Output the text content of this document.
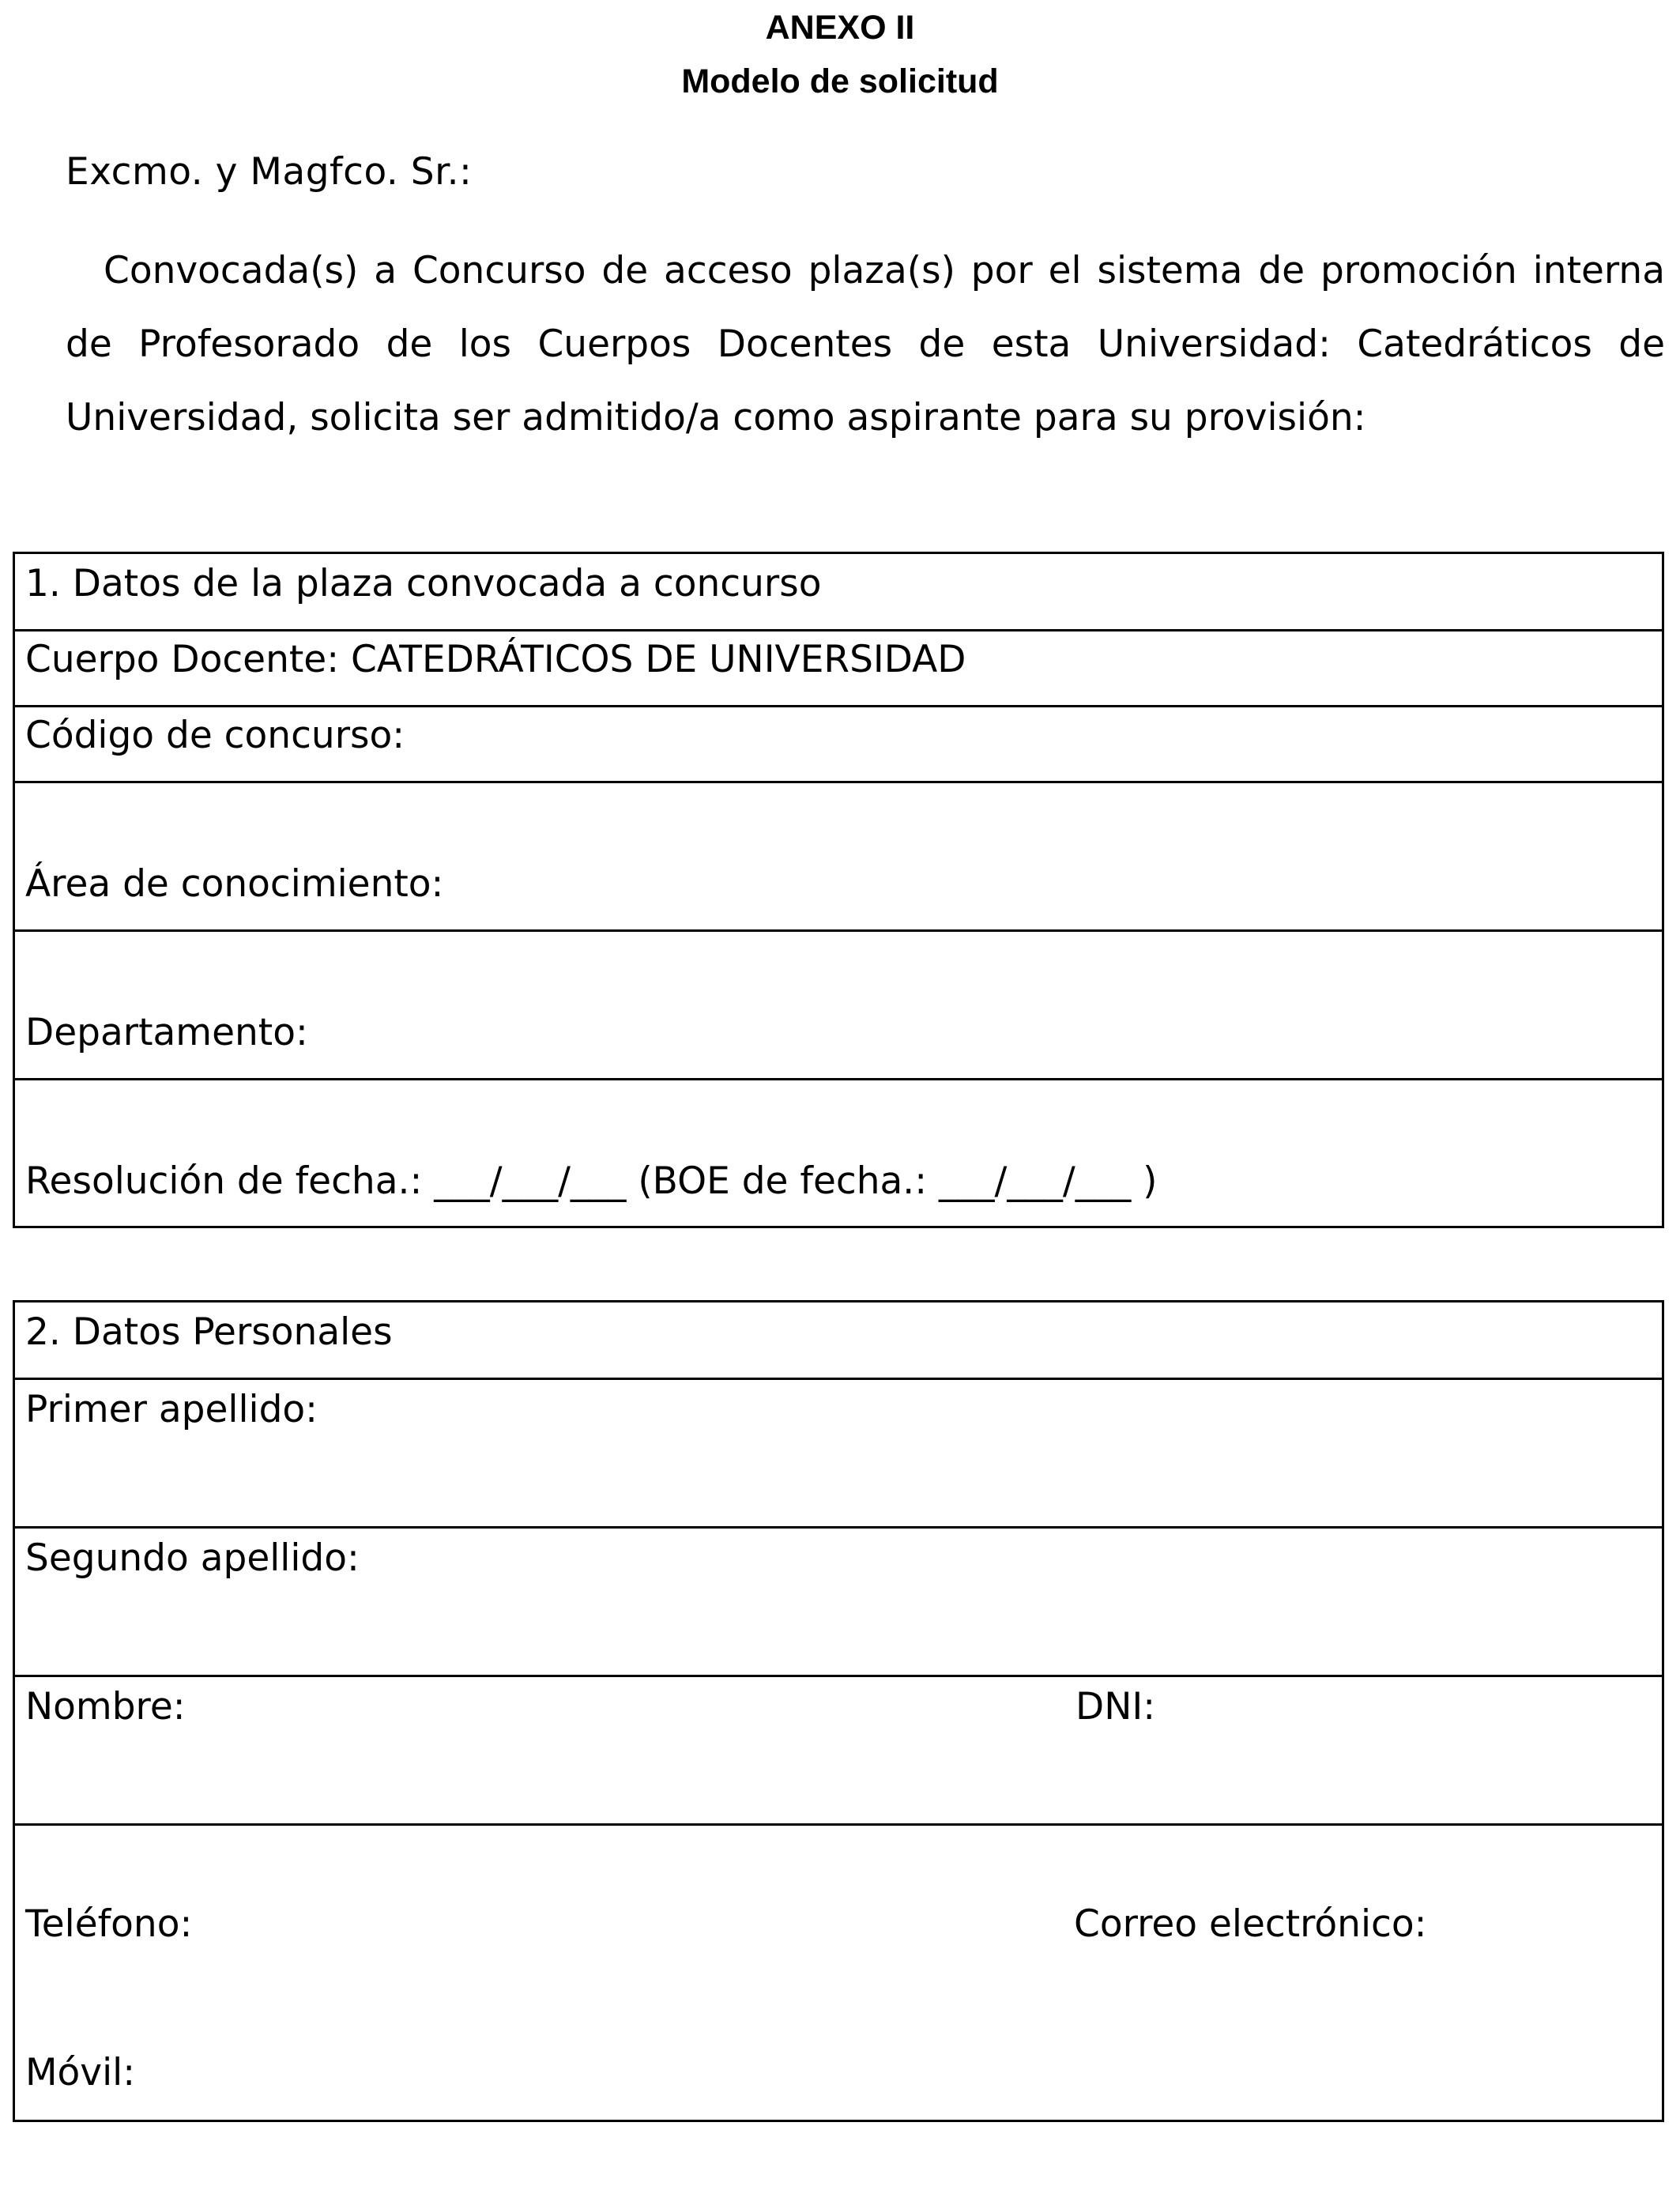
ANEXO II
Modelo de solicitud
Excmo. y Magfco. Sr.:

Convocada(s) a Concurso de acceso plaza(s) por el sistema de promoción interna de Profesorado de los Cuerpos Docentes de esta Universidad: Catedráticos de Universidad, solicita ser admitido/a como aspirante para su provisión:

1. Datos de la plaza convocada a concurso
Cuerpo Docente: CATEDRÁTICOS DE UNIVERSIDAD
Código de concurso:
Área de conocimiento:
Departamento:
Resolución de fecha.: ___/___/___ (BOE de fecha.: ___/___/___ )
2. Datos Personales
Primer apellido:
Segundo apellido:
Nombre:	DNI:
Teléfono:	Correo electrónico:
Móvil:
